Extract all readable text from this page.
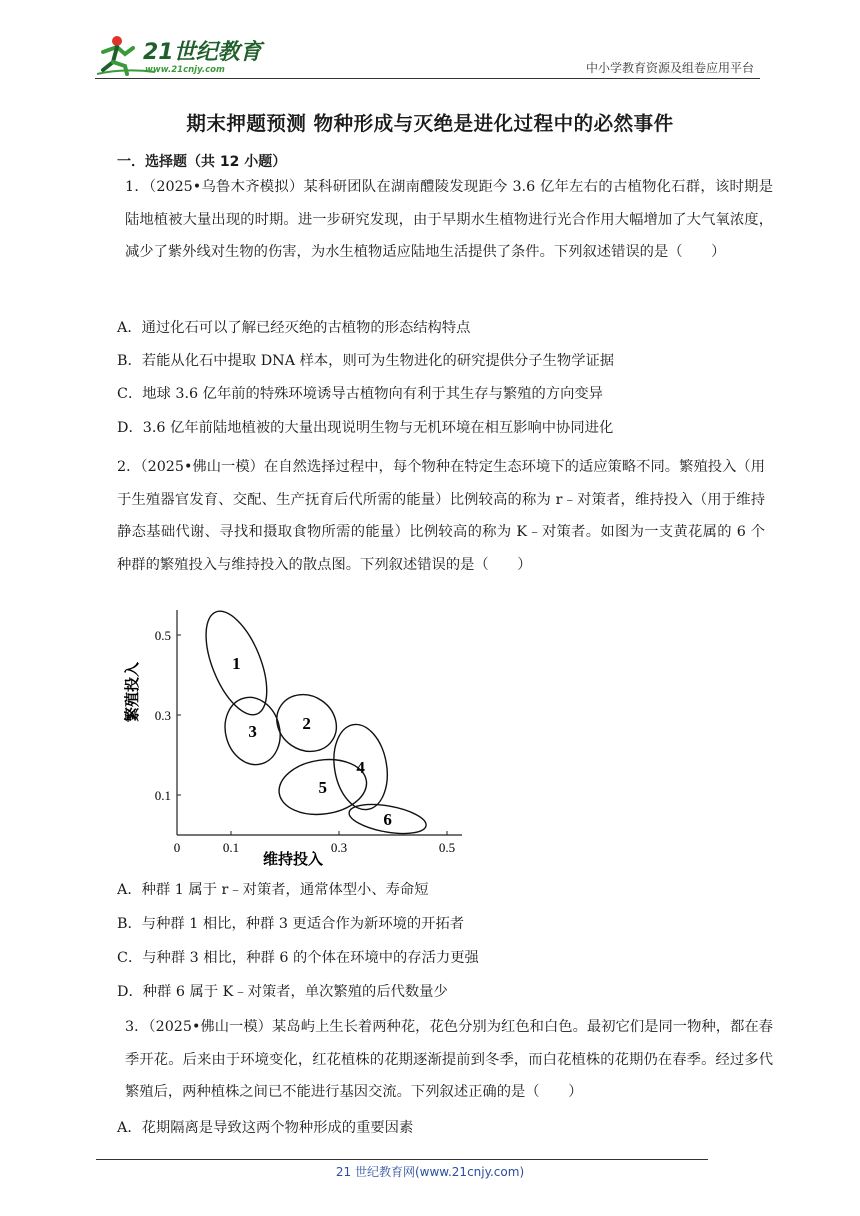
21世纪教育
www.21cnjy.com	中小学教育资源及组卷应用平台
期末押题预测 物种形成与灭绝是进化过程中的必然事件
一．选择题（共 12 小题）
1．（2025•乌鲁木齐模拟）某科研团队在湖南醴陵发现距今 3.6 亿年左右的古植物化石群，该时期是陆地植被大量出现的时期。进一步研究发现，由于早期水生植物进行光合作用大幅增加了大气氧浓度，减少了紫外线对生物的伤害，为水生植物适应陆地生活提供了条件。下列叙述错误的是（　　）
A．通过化石可以了解已经灭绝的古植物的形态结构特点
B．若能从化石中提取 DNA 样本，则可为生物进化的研究提供分子生物学证据
C．地球 3.6 亿年前的特殊环境诱导古植物向有利于其生存与繁殖的方向变异
D．3.6 亿年前陆地植被的大量出现说明生物与无机环境在相互影响中协同进化
2．（2025•佛山一模）在自然选择过程中，每个物种在特定生态环境下的适应策略不同。繁殖投入（用于生殖器官发育、交配、生产抚育后代所需的能量）比例较高的称为 r﹣对策者，维持投入（用于维持静态基础代谢、寻找和摄取食物所需的能量）比例较高的称为 K﹣对策者。如图为一支黄花属的 6 个种群的繁殖投入与维持投入的散点图。下列叙述错误的是（　　）
1
2
3
4
5
6
0	0.1	0.3	0.5
0.5
0.3
0.1
维持投入
繁殖投入
A．种群 1 属于 r﹣对策者，通常体型小、寿命短
B．与种群 1 相比，种群 3 更适合作为新环境的开拓者
C．与种群 3 相比，种群 6 的个体在环境中的存活力更强
D．种群 6 属于 K﹣对策者，单次繁殖的后代数量少
3．（2025•佛山一模）某岛屿上生长着两种花，花色分别为红色和白色。最初它们是同一物种，都在春季开花。后来由于环境变化，红花植株的花期逐渐提前到冬季，而白花植株的花期仍在春季。经过多代繁殖后，两种植株之间已不能进行基因交流。下列叙述正确的是（　　）
A．花期隔离是导致这两个物种形成的重要因素
21 世纪教育网(www.21cnjy.com)
